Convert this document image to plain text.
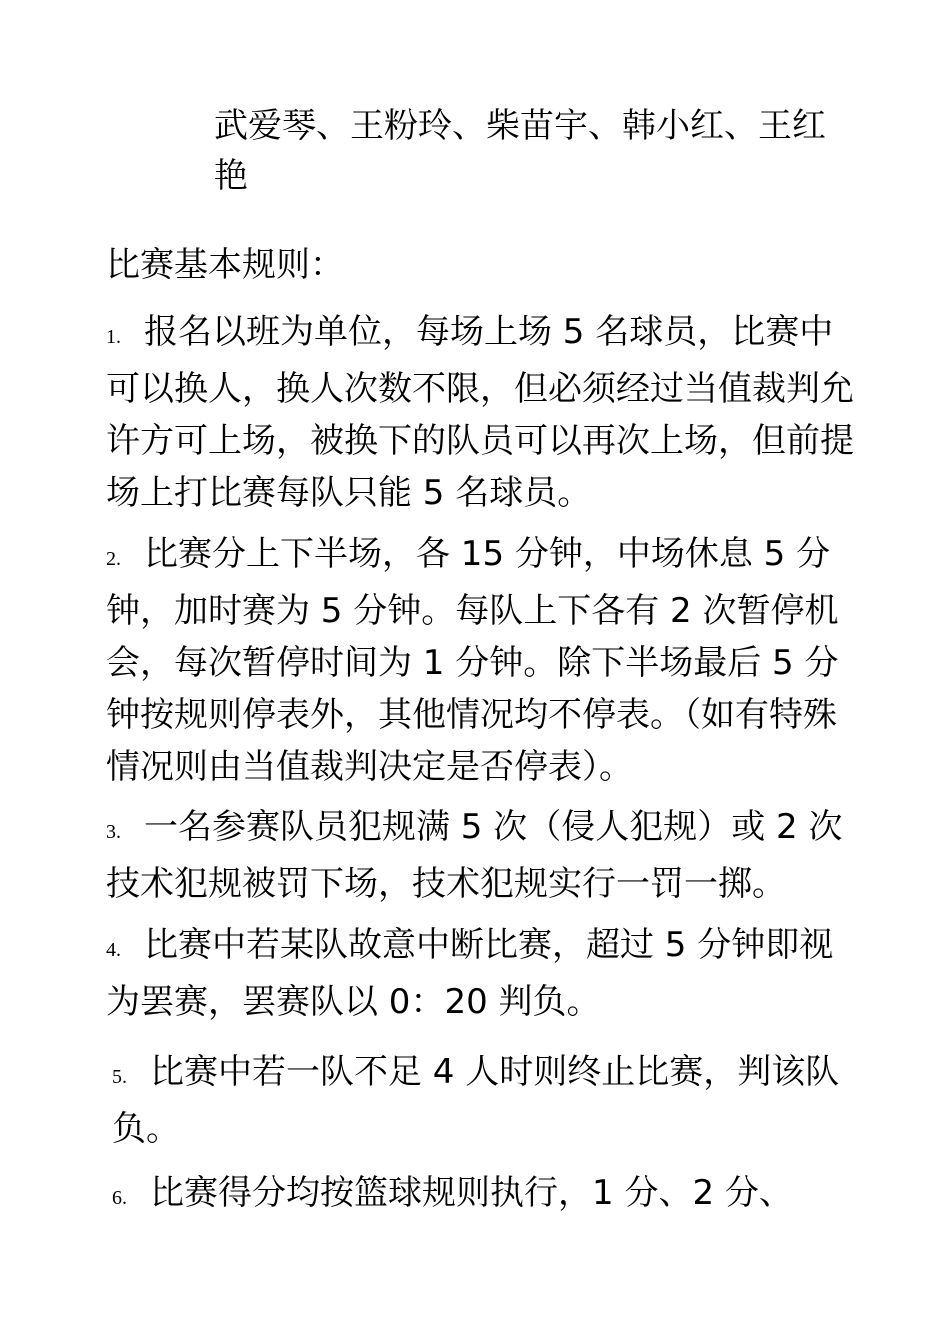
武爱琴、王粉玲、柴苗宇、韩小红、王红艳

比赛基本规则：

1. 报名以班为单位，每场上场 5 名球员，比赛中可以换人，换人次数不限，但必须经过当值裁判允许方可上场，被换下的队员可以再次上场，但前提场上打比赛每队只能 5 名球员。

2. 比赛分上下半场，各 15 分钟，中场休息 5 分钟，加时赛为 5 分钟。每队上下各有 2 次暂停机会，每次暂停时间为 1 分钟。除下半场最后 5 分钟按规则停表外，其他情况均不停表。（如有特殊情况则由当值裁判决定是否停表）。

3. 一名参赛队员犯规满 5 次（侵人犯规）或 2 次技术犯规被罚下场，技术犯规实行一罚一掷。

4. 比赛中若某队故意中断比赛，超过 5 分钟即视为罢赛，罢赛队以 0：20 判负。

5. 比赛中若一队不足 4 人时则终止比赛，判该队负。

6. 比赛得分均按篮球规则执行，1 分、2 分、
